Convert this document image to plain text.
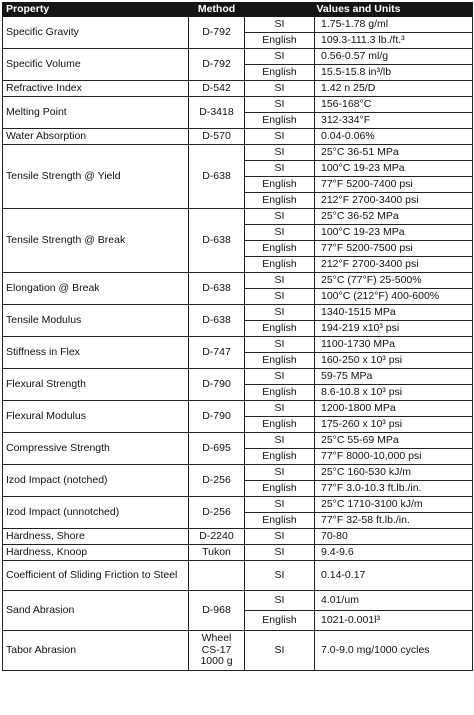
Property	Method	Values and Units	
Specific Gravity	D-792	SI	1.75-1.78 g/ml
		English	109.3-111.3 lb./ft.³
Specific Volume	D-792	SI	0.56-0.57 ml/g
		English	15.5-15.8 in³/lb
Refractive Index	D-542	SI	1.42 n 25/D
Melting Point	D-3418	SI	156-168°C
		English	312-334°F
Water Absorption	D-570	SI	0.04-0.06%
Tensile Strength @ Yield	D-638	SI	25°C 36-51 MPa
		SI	100°C 19-23 MPa
		English	77°F 5200-7400 psi
		English	212°F 2700-3400 psi
Tensile Strength @ Break	D-638	SI	25°C 36-52 MPa
		SI	100°C 19-23 MPa
		English	77°F 5200-7500 psi
		English	212°F 2700-3400 psi
Elongation @ Break	D-638	SI	25°C (77°F) 25-500%
		SI	100°C (212°F) 400-600%
Tensile Modulus	D-638	SI	1340-1515 MPa
		English	194-219 x10³ psi
Stiffness in Flex	D-747	SI	1100-1730 MPa
		English	160-250 x 10³ psi
Flexural Strength	D-790	SI	59-75 MPa
		English	8.6-10.8 x 10³ psi
Flexural Modulus	D-790	SI	1200-1800 MPa
		English	175-260 x 10³ psi
Compressive Strength	D-695	SI	25°C 55-69 MPa
		English	77°F 8000-10,000 psi
Izod Impact (notched)	D-256	SI	25°C 160-530 kJ/m
		English	77°F 3.0-10.3 ft.lb./in.
Izod Impact (unnotched)	D-256	SI	25°C 1710-3100 kJ/m
		English	77°F 32-58 ft.lb./in.
Hardness, Shore	D-2240	SI	70-80
Hardness, Knoop	Tukon	SI	9.4-9.6
Coefficient of Sliding Friction to Steel		SI	0.14-0.17
Sand Abrasion	D-968	SI	4.01/um
		English	1021-0.001l³
Tabor Abrasion	Wheel CS-17 1000 g	SI	7.0-9.0 mg/1000 cycles
